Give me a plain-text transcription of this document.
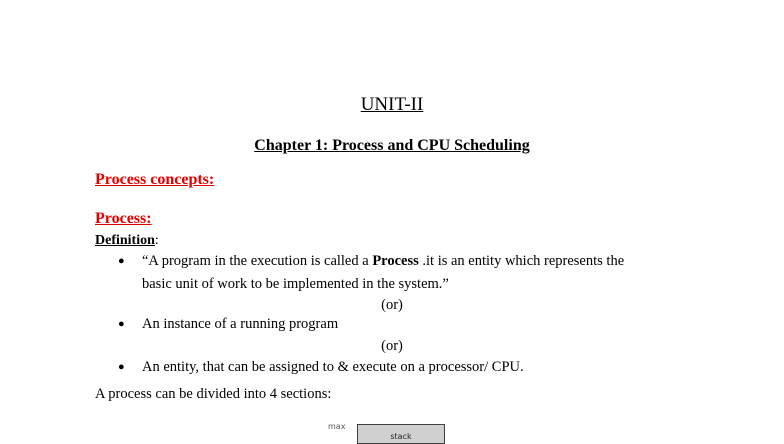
UNIT-II
Chapter 1: Process and CPU Scheduling
Process concepts:
Process:
Definition:
● “A program in the execution is called a Process .it is an entity which represents the
basic unit of work to be implemented in the system.”
(or)
● An instance of a running program
(or)
● An entity, that can be assigned to & execute on a processor/ CPU.
A process can be divided into 4 sections:
max
stack
